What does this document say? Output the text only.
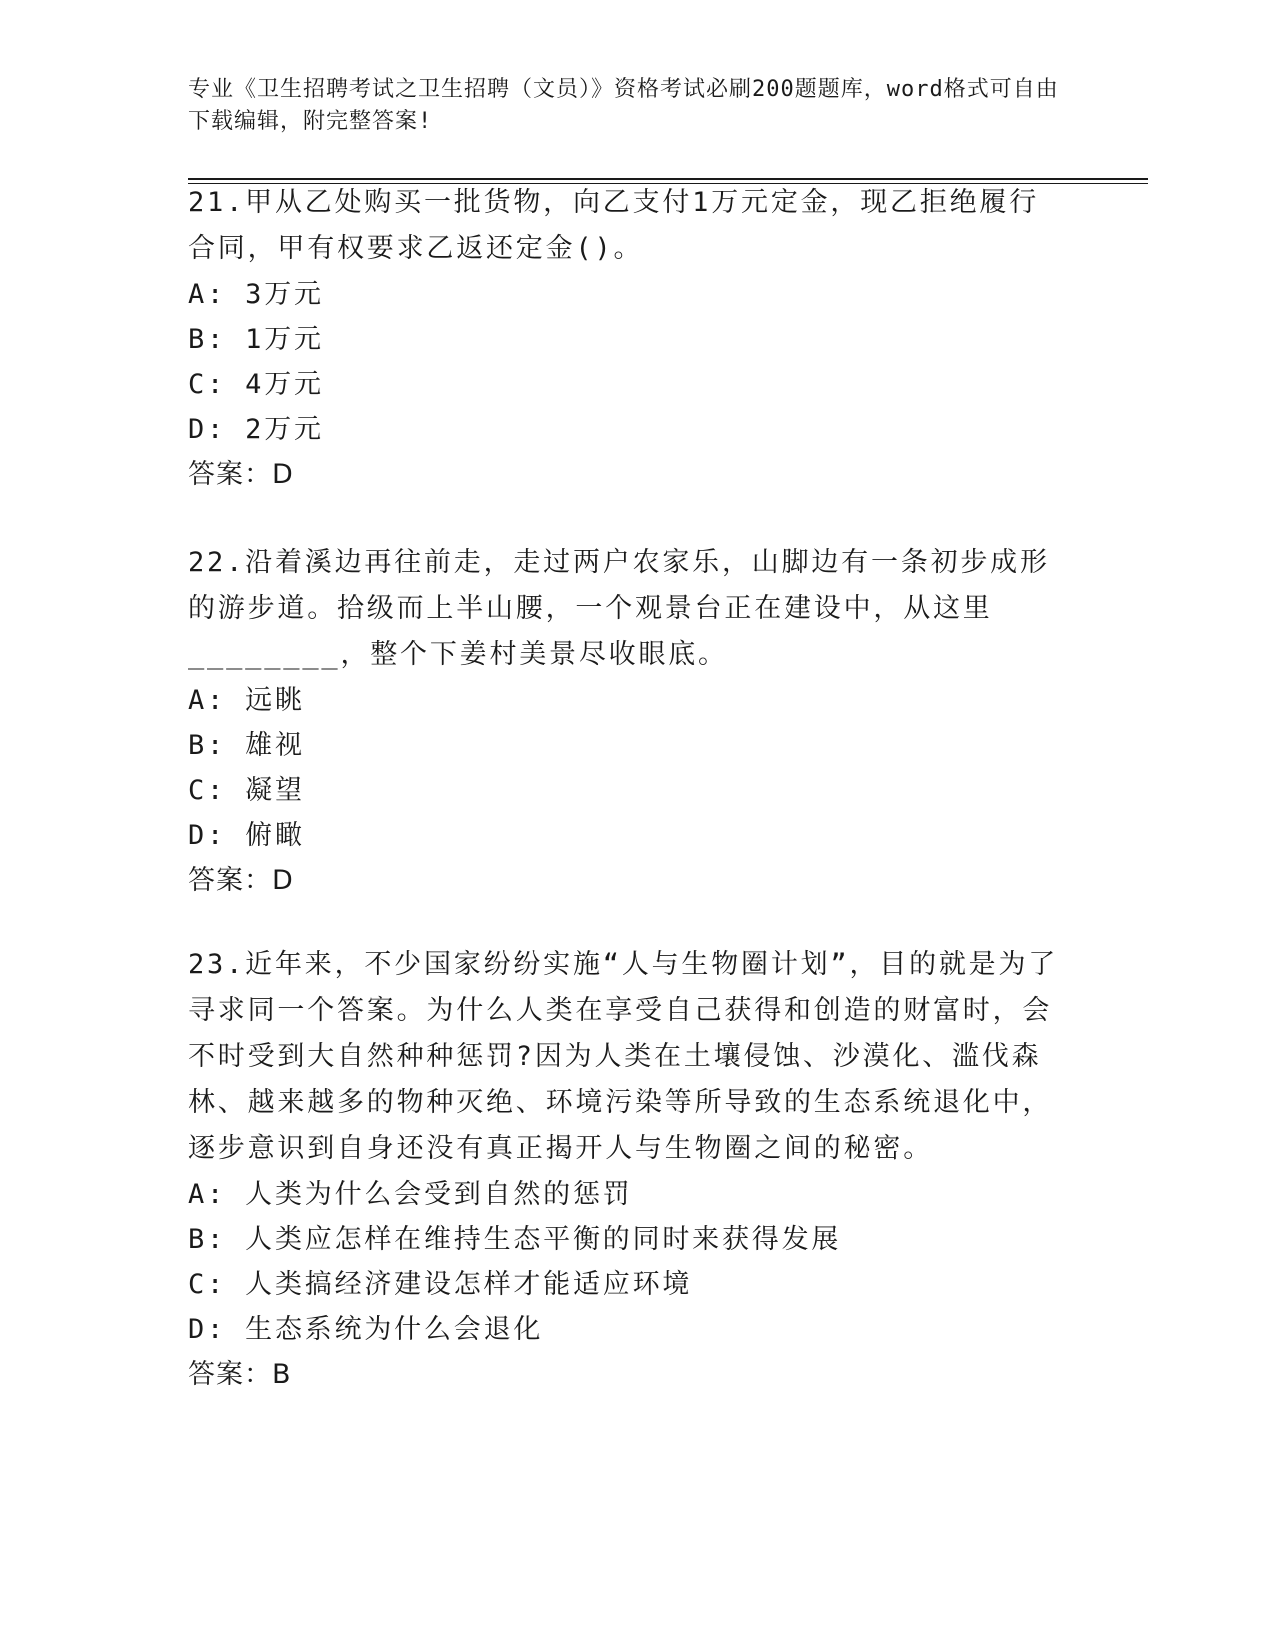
专业《卫生招聘考试之卫生招聘（文员）》资格考试必刷200题题库，word格式可自由下载编辑，附完整答案!

21.甲从乙处购买一批货物，向乙支付1万元定金，现乙拒绝履行合同，甲有权要求乙返还定金()。

A: 3万元

B: 1万元

C: 4万元

D: 2万元

答案：D

22.沿着溪边再往前走，走过两户农家乐，山脚边有一条初步成形的游步道。拾级而上半山腰，一个观景台正在建设中，从这里________，整个下姜村美景尽收眼底。

A: 远眺

B: 雄视

C: 凝望

D: 俯瞰

答案：D

23.近年来，不少国家纷纷实施“人与生物圈计划”，目的就是为了寻求同一个答案。为什么人类在享受自己获得和创造的财富时，会不时受到大自然种种惩罚?因为人类在土壤侵蚀、沙漠化、滥伐森林、越来越多的物种灭绝、环境污染等所导致的生态系统退化中，逐步意识到自身还没有真正揭开人与生物圈之间的秘密。

A: 人类为什么会受到自然的惩罚

B: 人类应怎样在维持生态平衡的同时来获得发展

C: 人类搞经济建设怎样才能适应环境

D: 生态系统为什么会退化

答案：B
